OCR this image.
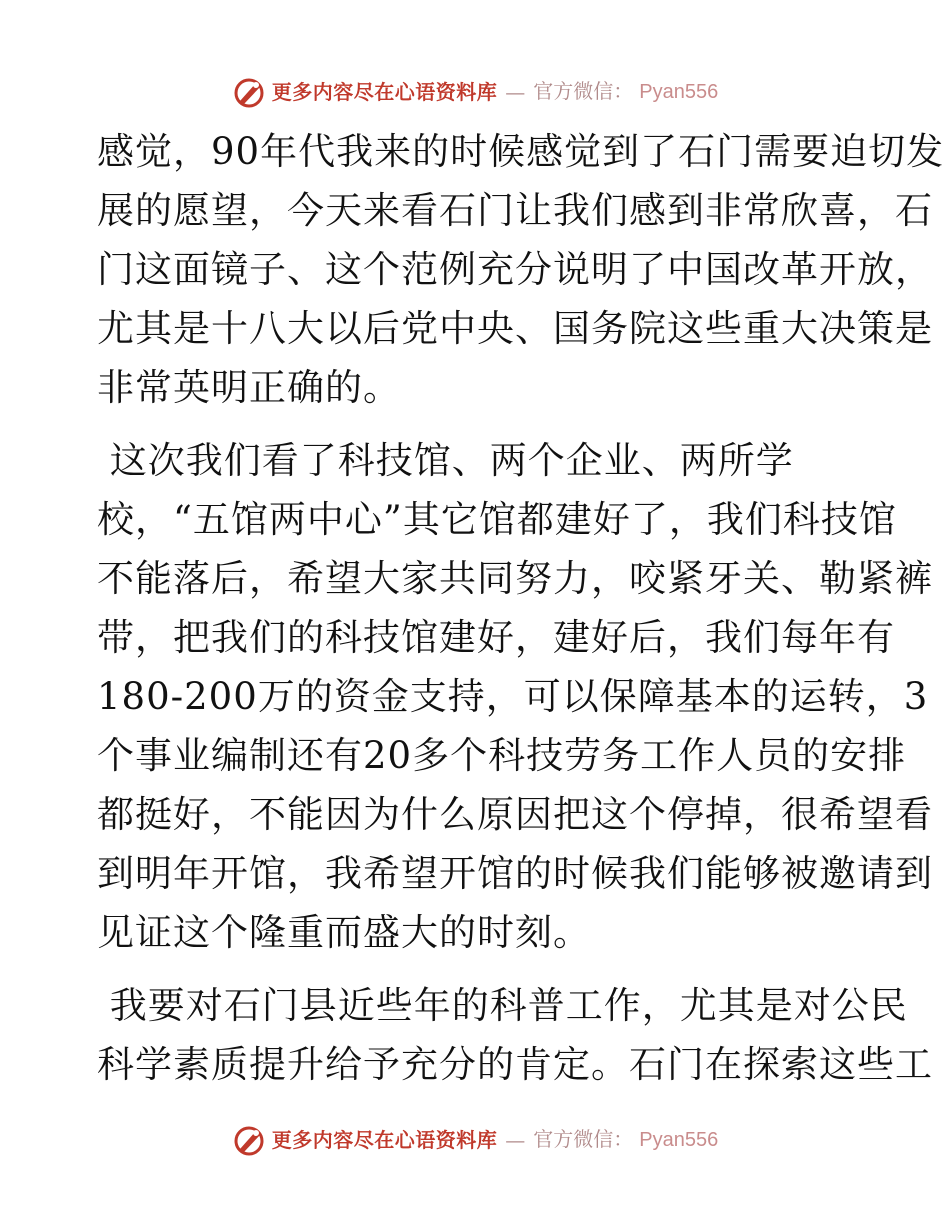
更多内容尽在心语资料库 — 官方微信： Pyan556

感觉，90年代我来的时候感觉到了石门需要迫切发
展的愿望，今天来看石门让我们感到非常欣喜，石
门这面镜子、这个范例充分说明了中国改革开放，
尤其是十八大以后党中央、国务院这些重大决策是
非常英明正确的。

这次我们看了科技馆、两个企业、两所学
校，“五馆两中心”其它馆都建好了，我们科技馆
不能落后，希望大家共同努力，咬紧牙关、勒紧裤
带，把我们的科技馆建好，建好后，我们每年有
180-200万的资金支持，可以保障基本的运转，3
个事业编制还有20多个科技劳务工作人员的安排
都挺好，不能因为什么原因把这个停掉，很希望看
到明年开馆，我希望开馆的时候我们能够被邀请到
见证这个隆重而盛大的时刻。

我要对石门县近些年的科普工作，尤其是对公民
科学素质提升给予充分的肯定。石门在探索这些工

更多内容尽在心语资料库 — 官方微信： Pyan556
